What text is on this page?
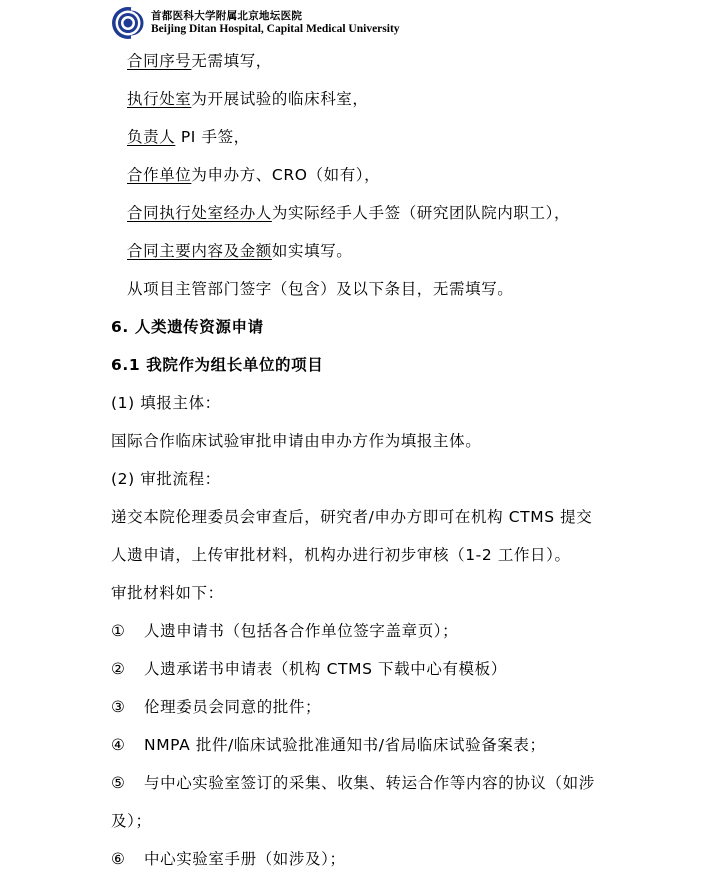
首都医科大学附属北京地坛医院
Beijing Ditan Hospital, Capital Medical University
合同序号无需填写，
执行处室为开展试验的临床科室，
负责人 PI 手签，
合作单位为申办方、CRO（如有），
合同执行处室经办人为实际经手人手签（研究团队院内职工），
合同主要内容及金额如实填写。
从项目主管部门签字（包含）及以下条目，无需填写。
6. 人类遗传资源申请
6.1 我院作为组长单位的项目
(1) 填报主体：
国际合作临床试验审批申请由申办方作为填报主体。
(2) 审批流程：
递交本院伦理委员会审查后，研究者/申办方即可在机构 CTMS 提交
人遗申请，上传审批材料，机构办进行初步审核（1-2 工作日）。
审批材料如下：
① 人遗申请书（包括各合作单位签字盖章页）；
② 人遗承诺书申请表（机构 CTMS 下载中心有模板）
③ 伦理委员会同意的批件；
④ NMPA 批件/临床试验批准通知书/省局临床试验备案表；
⑤ 与中心实验室签订的采集、收集、转运合作等内容的协议（如涉
及）；
⑥ 中心实验室手册（如涉及）；
